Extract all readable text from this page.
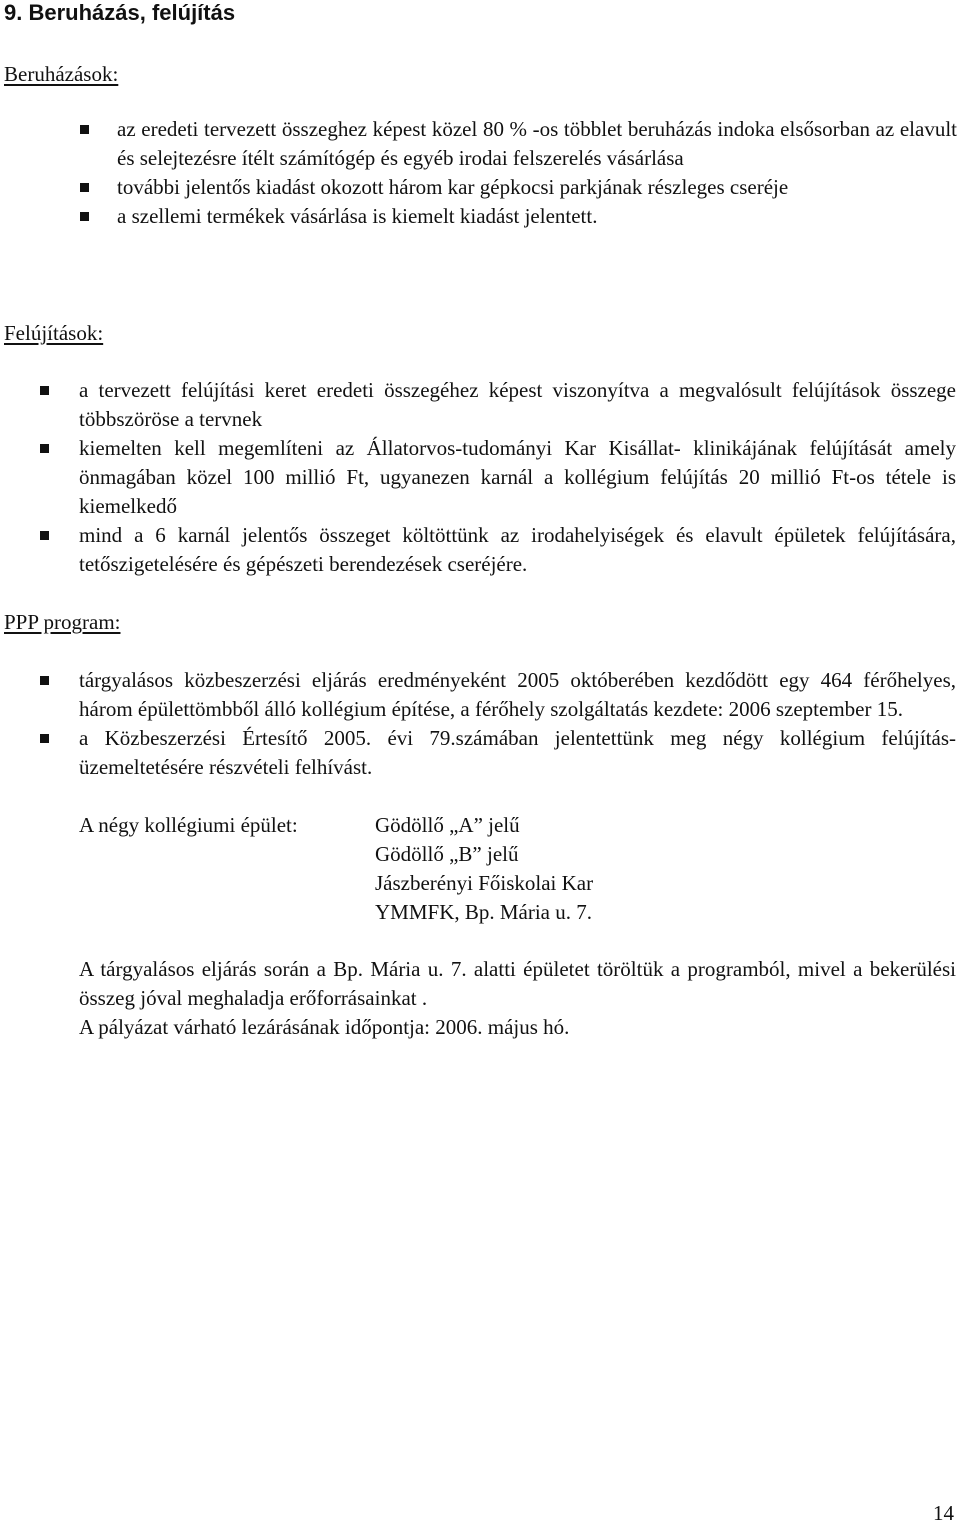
9. Beruházás, felújítás
Beruházások:
az eredeti tervezett összeghez képest közel 80 % -os többlet beruházás indoka elsősorban az elavult és selejtezésre ítélt számítógép és egyéb irodai felszerelés vásárlása
további jelentős kiadást okozott három kar gépkocsi parkjának részleges cseréje
a szellemi termékek vásárlása is kiemelt kiadást jelentett.
Felújítások:
a tervezett felújítási keret eredeti összegéhez képest viszonyítva a megvalósult felújítások összege többszöröse a tervnek
kiemelten kell megemlíteni az Állatorvos-tudományi Kar Kisállat- klinikájának felújítását amely önmagában közel 100 millió Ft, ugyanezen karnál a kollégium felújítás 20 millió Ft-os tétele is kiemelkedő
mind a 6 karnál jelentős összeget költöttünk az irodahelyiségek és elavult épületek felújítására, tetőszigetelésére és gépészeti berendezések cseréjére.
PPP program:
tárgyalásos közbeszerzési eljárás eredményeként 2005 októberében kezdődött egy 464 férőhelyes, három épülettömbből álló kollégium építése, a férőhely szolgáltatás kezdete: 2006 szeptember 15.
a Közbeszerzési Értesítő 2005. évi 79.számában jelentettünk meg négy kollégium felújítás-üzemeltetésére részvételi felhívást.
A négy kollégiumi épület:	Gödöllő „A” jelű
Gödöllő „B” jelű
Jászberényi Főiskolai Kar
YMMFK, Bp. Mária u. 7.

A tárgyalásos eljárás során a Bp. Mária u. 7. alatti épületet töröltük a programból, mivel a bekerülési összeg jóval meghaladja erőforrásainkat .

A pályázat várható lezárásának időpontja: 2006. május hó.

14
